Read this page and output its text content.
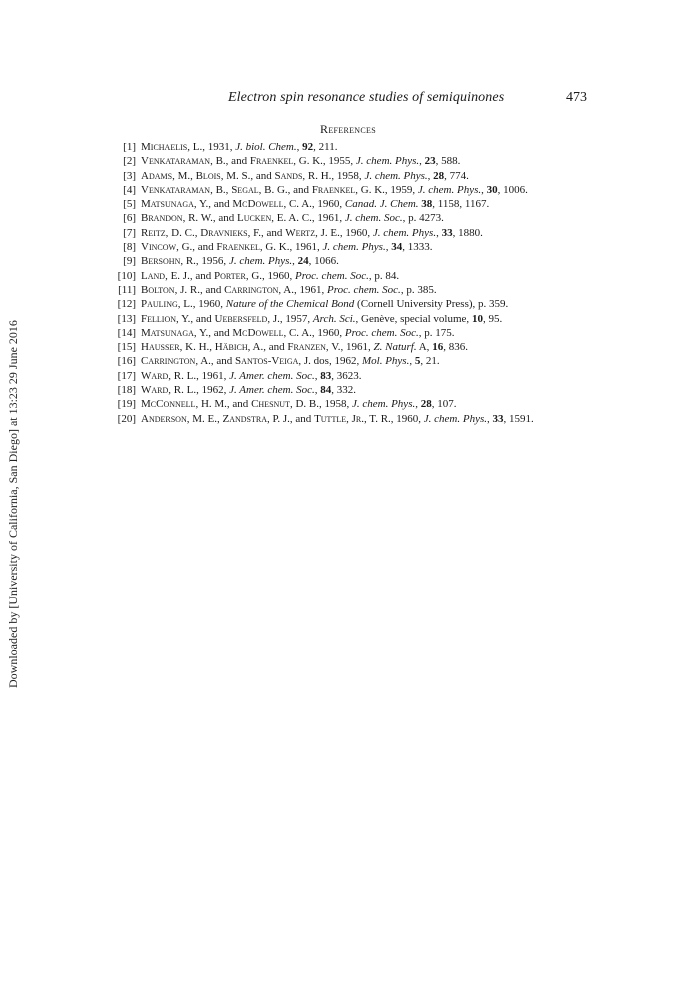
Electron spin resonance studies of semiquinones	473
References
[1] Michaelis, L., 1931, J. biol. Chem., 92, 211.
[2] Venkataraman, B., and Fraenkel, G. K., 1955, J. chem. Phys., 23, 588.
[3] Adams, M., Blois, M. S., and Sands, R. H., 1958, J. chem. Phys., 28, 774.
[4] Venkataraman, B., Segal, B. G., and Fraenkel, G. K., 1959, J. chem. Phys., 30, 1006.
[5] Matsunaga, Y., and McDowell, C. A., 1960, Canad. J. Chem. 38, 1158, 1167.
[6] Brandon, R. W., and Lucken, E. A. C., 1961, J. chem. Soc., p. 4273.
[7] Reitz, D. C., Dravnieks, F., and Wertz, J. E., 1960, J. chem. Phys., 33, 1880.
[8] Vincow, G., and Fraenkel, G. K., 1961, J. chem. Phys., 34, 1333.
[9] Bersohn, R., 1956, J. chem. Phys., 24, 1066.
[10] Land, E. J., and Porter, G., 1960, Proc. chem. Soc., p. 84.
[11] Bolton, J. R., and Carrington, A., 1961, Proc. chem. Soc., p. 385.
[12] Pauling, L., 1960, Nature of the Chemical Bond (Cornell University Press), p. 359.
[13] Fellion, Y., and Uebersfeld, J., 1957, Arch. Sci., Genève, special volume, 10, 95.
[14] Matsunaga, Y., and McDowell, C. A., 1960, Proc. chem. Soc., p. 175.
[15] Hausser, K. H., Häbich, A., and Franzen, V., 1961, Z. Naturf. A, 16, 836.
[16] Carrington, A., and Santos-Veiga, J. dos, 1962, Mol. Phys., 5, 21.
[17] Ward, R. L., 1961, J. Amer. chem. Soc., 83, 3623.
[18] Ward, R. L., 1962, J. Amer. chem. Soc., 84, 332.
[19] McConnell, H. M., and Chesnut, D. B., 1958, J. chem. Phys., 28, 107.
[20] Anderson, M. E., Zandstra, P. J., and Tuttle, Jr., T. R., 1960, J. chem. Phys., 33, 1591.
Downloaded by [University of California, San Diego] at 13:23 29 June 2016
